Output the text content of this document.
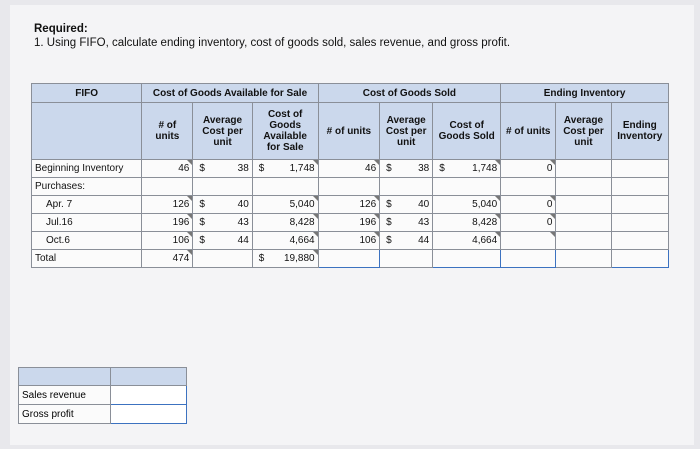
Required:
1. Using FIFO, calculate ending inventory, cost of goods sold, sales revenue, and gross profit.
FIFO	Cost of Goods Available for Sale			Cost of Goods Sold			Ending Inventory		
	# of units	Average Cost per unit	Cost of Goods Available for Sale	# of units	Average Cost per unit	Cost of Goods Sold	# of units	Average Cost per unit	Ending Inventory
Beginning Inventory	46	$ 38	$ 1,748	46	$ 38	$ 1,748	0		
Purchases:									
Apr. 7	126	$ 40	5,040	126	$ 40	5,040	0		
Jul.16	196	$ 43	8,428	196	$ 43	8,428	0		
Oct.6	106	$ 44	4,664	106	$ 44	4,664			
Total	474		$ 19,880						

Sales revenue	
Gross profit	
